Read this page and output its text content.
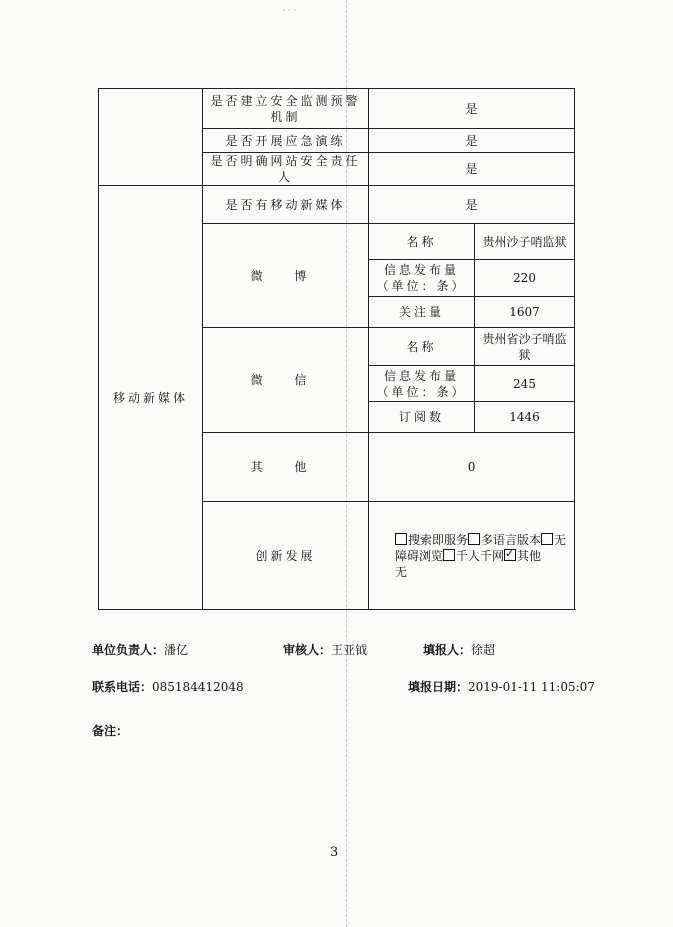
· · ·
	是否建立安全监测预警机制	是	
	是否开展应急演练	是	
	是否明确网站安全责任人	是	
移动新媒体	是否有移动新媒体	是	
	微 博	名称	贵州沙子哨监狱
		信息发布量（单位：条）	220
		关注量	1607
	微 信	名称	贵州省沙子哨监狱
		信息发布量（单位：条）	245
		订阅数	1446
	其 他	0	
	创新发展	搜索即服务 多语言版本 无障碍浏览 千人千网 ✓ 其他
无
单位负责人：潘亿	审核人：王亚钺	填报人：徐超
联系电话：085184412048	填报日期：2019-01-11 11:05:07
备注：
3
